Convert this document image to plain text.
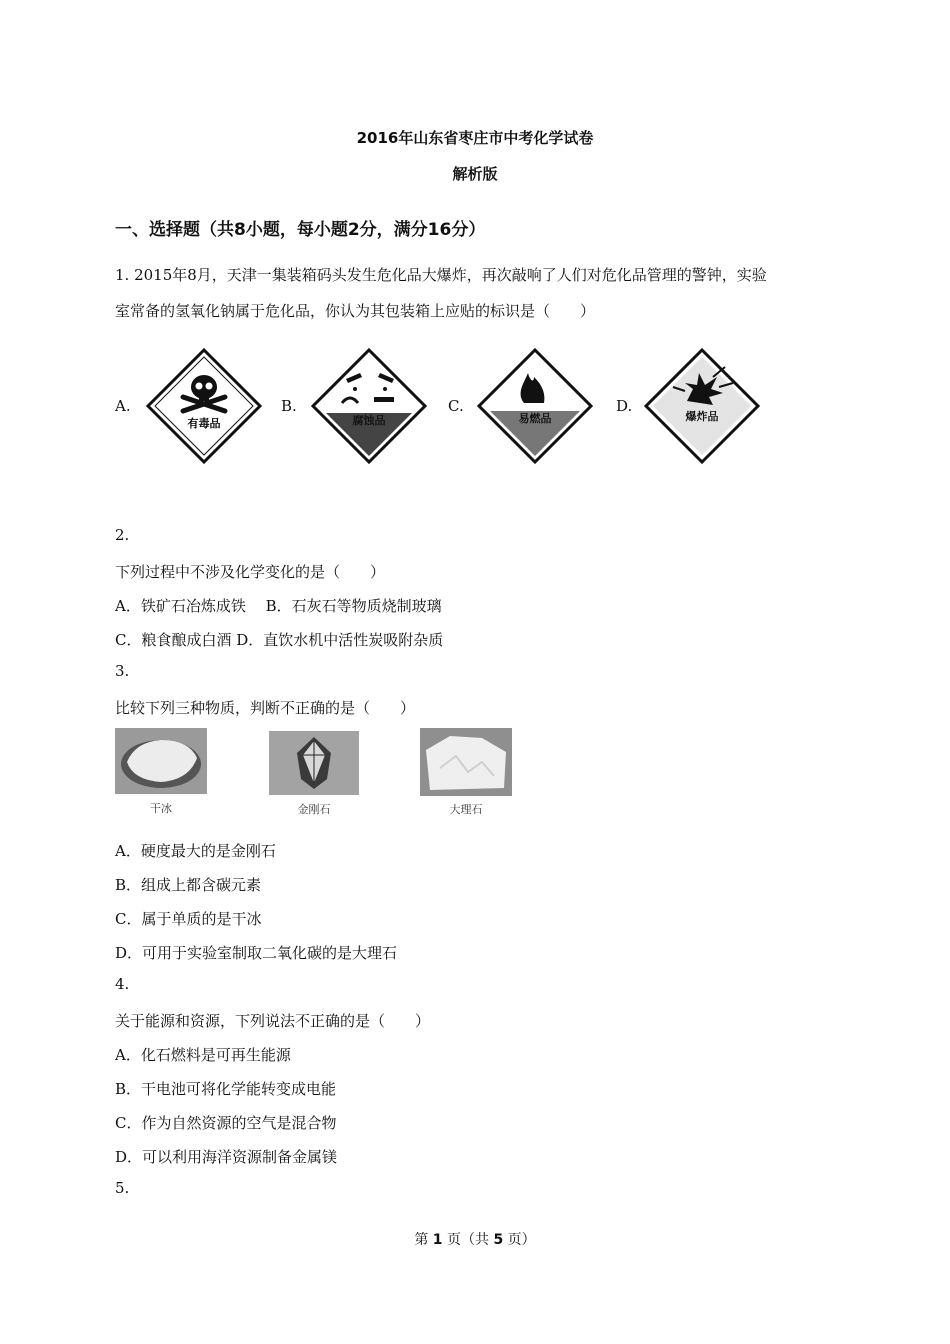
2016年山东省枣庄市中考化学试卷
解析版
一、选择题（共8小题，每小题2分，满分16分）
1. 2015年8月，天津一集装箱码头发生危化品大爆炸，再次敲响了人们对危化品管理的警钟，实验
室常备的氢氧化钠属于危化品，你认为其包装箱上应贴的标识是（　　）
A.
有毒品
B.
腐蚀品
C.
易燃品
D.
爆炸品
2.
下列过程中不涉及化学变化的是（　　）
A．铁矿石冶炼成铁　 B．石灰石等物质烧制玻璃
C．粮食酿成白酒 D．直饮水机中活性炭吸附杂质
3.
比较下列三种物质，判断不正确的是（　　）
干冰	金刚石	大理石
A．硬度最大的是金刚石
B．组成上都含碳元素
C．属于单质的是干冰
D．可用于实验室制取二氧化碳的是大理石
4.
关于能源和资源，下列说法不正确的是（　　）
A．化石燃料是可再生能源
B．干电池可将化学能转变成电能
C．作为自然资源的空气是混合物
D．可以利用海洋资源制备金属镁
5.
第 1 页（共 5 页）
